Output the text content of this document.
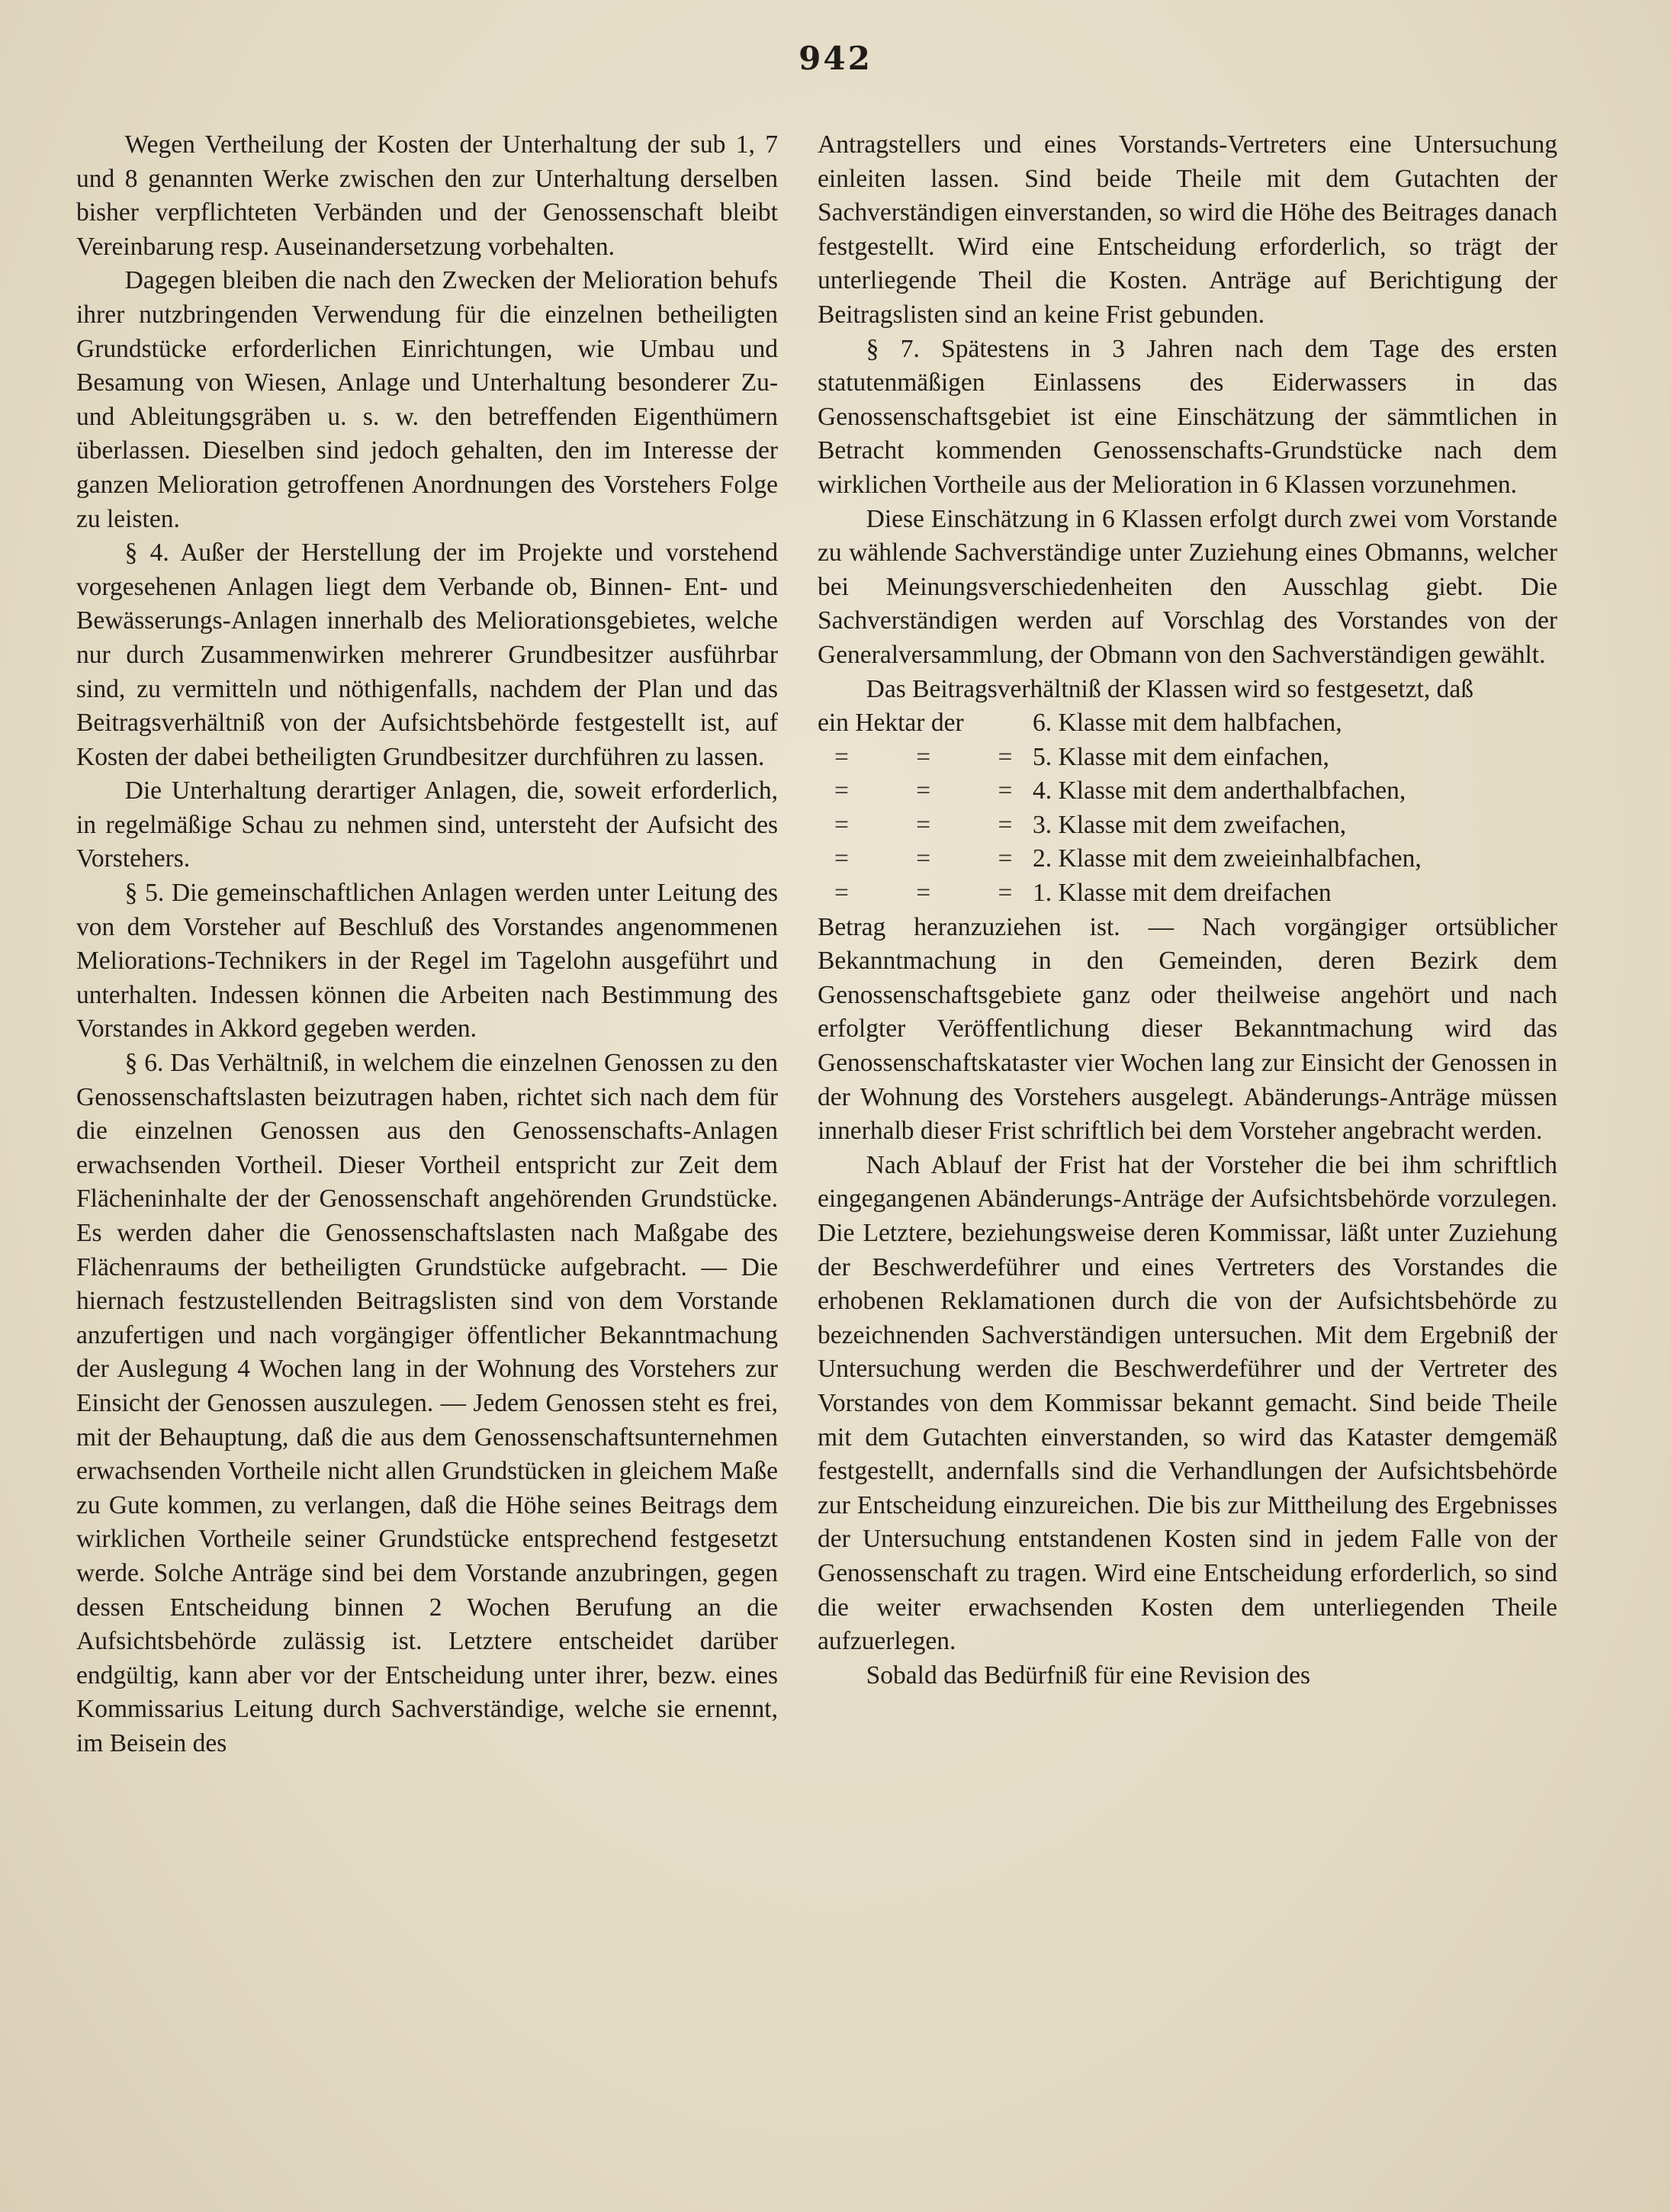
942

Wegen Vertheilung der Kosten der Unterhaltung der sub 1, 7 und 8 genannten Werke zwischen den zur Unterhaltung derselben bisher verpflichteten Verbänden und der Genossenschaft bleibt Vereinbarung resp. Auseinandersetzung vorbehalten.

Dagegen bleiben die nach den Zwecken der Melioration behufs ihrer nutzbringenden Verwendung für die einzelnen betheiligten Grundstücke erforderlichen Einrichtungen, wie Umbau und Besamung von Wiesen, Anlage und Unterhaltung besonderer Zu- und Ableitungsgräben u. s. w. den betreffenden Eigenthümern überlassen. Dieselben sind jedoch gehalten, den im Interesse der ganzen Melioration getroffenen Anordnungen des Vorstehers Folge zu leisten.

§ 4. Außer der Herstellung der im Projekte und vorstehend vorgesehenen Anlagen liegt dem Verbande ob, Binnen- Ent- und Bewässerungs-Anlagen innerhalb des Meliorationsgebietes, welche nur durch Zusammenwirken mehrerer Grundbesitzer ausführbar sind, zu vermitteln und nöthigenfalls, nachdem der Plan und das Beitragsverhältniß von der Aufsichtsbehörde festgestellt ist, auf Kosten der dabei betheiligten Grundbesitzer durchführen zu lassen.

Die Unterhaltung derartiger Anlagen, die, soweit erforderlich, in regelmäßige Schau zu nehmen sind, untersteht der Aufsicht des Vorstehers.

§ 5. Die gemeinschaftlichen Anlagen werden unter Leitung des von dem Vorsteher auf Beschluß des Vorstandes angenommenen Meliorations-Technikers in der Regel im Tagelohn ausgeführt und unterhalten. Indessen können die Arbeiten nach Bestimmung des Vorstandes in Akkord gegeben werden.

§ 6. Das Verhältniß, in welchem die einzelnen Genossen zu den Genossenschaftslasten beizutragen haben, richtet sich nach dem für die einzelnen Genossen aus den Genossenschafts-Anlagen erwachsenden Vortheil. Dieser Vortheil entspricht zur Zeit dem Flächeninhalte der der Genossenschaft angehörenden Grundstücke. Es werden daher die Genossenschaftslasten nach Maßgabe des Flächenraums der betheiligten Grundstücke aufgebracht. — Die hiernach festzustellenden Beitragslisten sind von dem Vorstande anzufertigen und nach vorgängiger öffentlicher Bekanntmachung der Auslegung 4 Wochen lang in der Wohnung des Vorstehers zur Einsicht der Genossen auszulegen. — Jedem Genossen steht es frei, mit der Behauptung, daß die aus dem Genossenschaftsunternehmen erwachsenden Vortheile nicht allen Grundstücken in gleichem Maße zu Gute kommen, zu verlangen, daß die Höhe seines Beitrags dem wirklichen Vortheile seiner Grundstücke entsprechend festgesetzt werde. Solche Anträge sind bei dem Vorstande anzubringen, gegen dessen Entscheidung binnen 2 Wochen Berufung an die Aufsichtsbehörde zulässig ist. Letztere entscheidet darüber endgültig, kann aber vor der Entscheidung unter ihrer, bezw. eines Kommissarius Leitung durch Sachverständige, welche sie ernennt, im Beisein des

Antragstellers und eines Vorstands-Vertreters eine Untersuchung einleiten lassen. Sind beide Theile mit dem Gutachten der Sachverständigen einverstanden, so wird die Höhe des Beitrages danach festgestellt. Wird eine Entscheidung erforderlich, so trägt der unterliegende Theil die Kosten. Anträge auf Berichtigung der Beitragslisten sind an keine Frist gebunden.

§ 7. Spätestens in 3 Jahren nach dem Tage des ersten statutenmäßigen Einlassens des Eiderwassers in das Genossenschaftsgebiet ist eine Einschätzung der sämmtlichen in Betracht kommenden Genossenschafts-Grundstücke nach dem wirklichen Vortheile aus der Melioration in 6 Klassen vorzunehmen.

Diese Einschätzung in 6 Klassen erfolgt durch zwei vom Vorstande zu wählende Sachverständige unter Zuziehung eines Obmanns, welcher bei Meinungsverschiedenheiten den Ausschlag giebt. Die Sachverständigen werden auf Vorschlag des Vorstandes von der Generalversammlung, der Obmann von den Sachverständigen gewählt.

Das Beitragsverhältniß der Klassen wird so festgesetzt, daß

ein Hektar der	6. Klasse mit dem halbfachen,
= = =
5. Klasse mit dem einfachen,
= = =
4. Klasse mit dem anderthalbfachen,
= = =
3. Klasse mit dem zweifachen,
= = =
2. Klasse mit dem zweieinhalbfachen,
= = =
1. Klasse mit dem dreifachen

Betrag heranzuziehen ist. — Nach vorgängiger ortsüblicher Bekanntmachung in den Gemeinden, deren Bezirk dem Genossenschaftsgebiete ganz oder theilweise angehört und nach erfolgter Veröffentlichung dieser Bekanntmachung wird das Genossenschaftskataster vier Wochen lang zur Einsicht der Genossen in der Wohnung des Vorstehers ausgelegt. Abänderungs-Anträge müssen innerhalb dieser Frist schriftlich bei dem Vorsteher angebracht werden.

Nach Ablauf der Frist hat der Vorsteher die bei ihm schriftlich eingegangenen Abänderungs-Anträge der Aufsichtsbehörde vorzulegen. Die Letztere, beziehungsweise deren Kommissar, läßt unter Zuziehung der Beschwerdeführer und eines Vertreters des Vorstandes die erhobenen Reklamationen durch die von der Aufsichtsbehörde zu bezeichnenden Sachverständigen untersuchen. Mit dem Ergebniß der Untersuchung werden die Beschwerdeführer und der Vertreter des Vorstandes von dem Kommissar bekannt gemacht. Sind beide Theile mit dem Gutachten einverstanden, so wird das Kataster demgemäß festgestellt, andernfalls sind die Verhandlungen der Aufsichtsbehörde zur Entscheidung einzureichen. Die bis zur Mittheilung des Ergebnisses der Untersuchung entstandenen Kosten sind in jedem Falle von der Genossenschaft zu tragen. Wird eine Entscheidung erforderlich, so sind die weiter erwachsenden Kosten dem unterliegenden Theile aufzuerlegen.

Sobald das Bedürfniß für eine Revision des
